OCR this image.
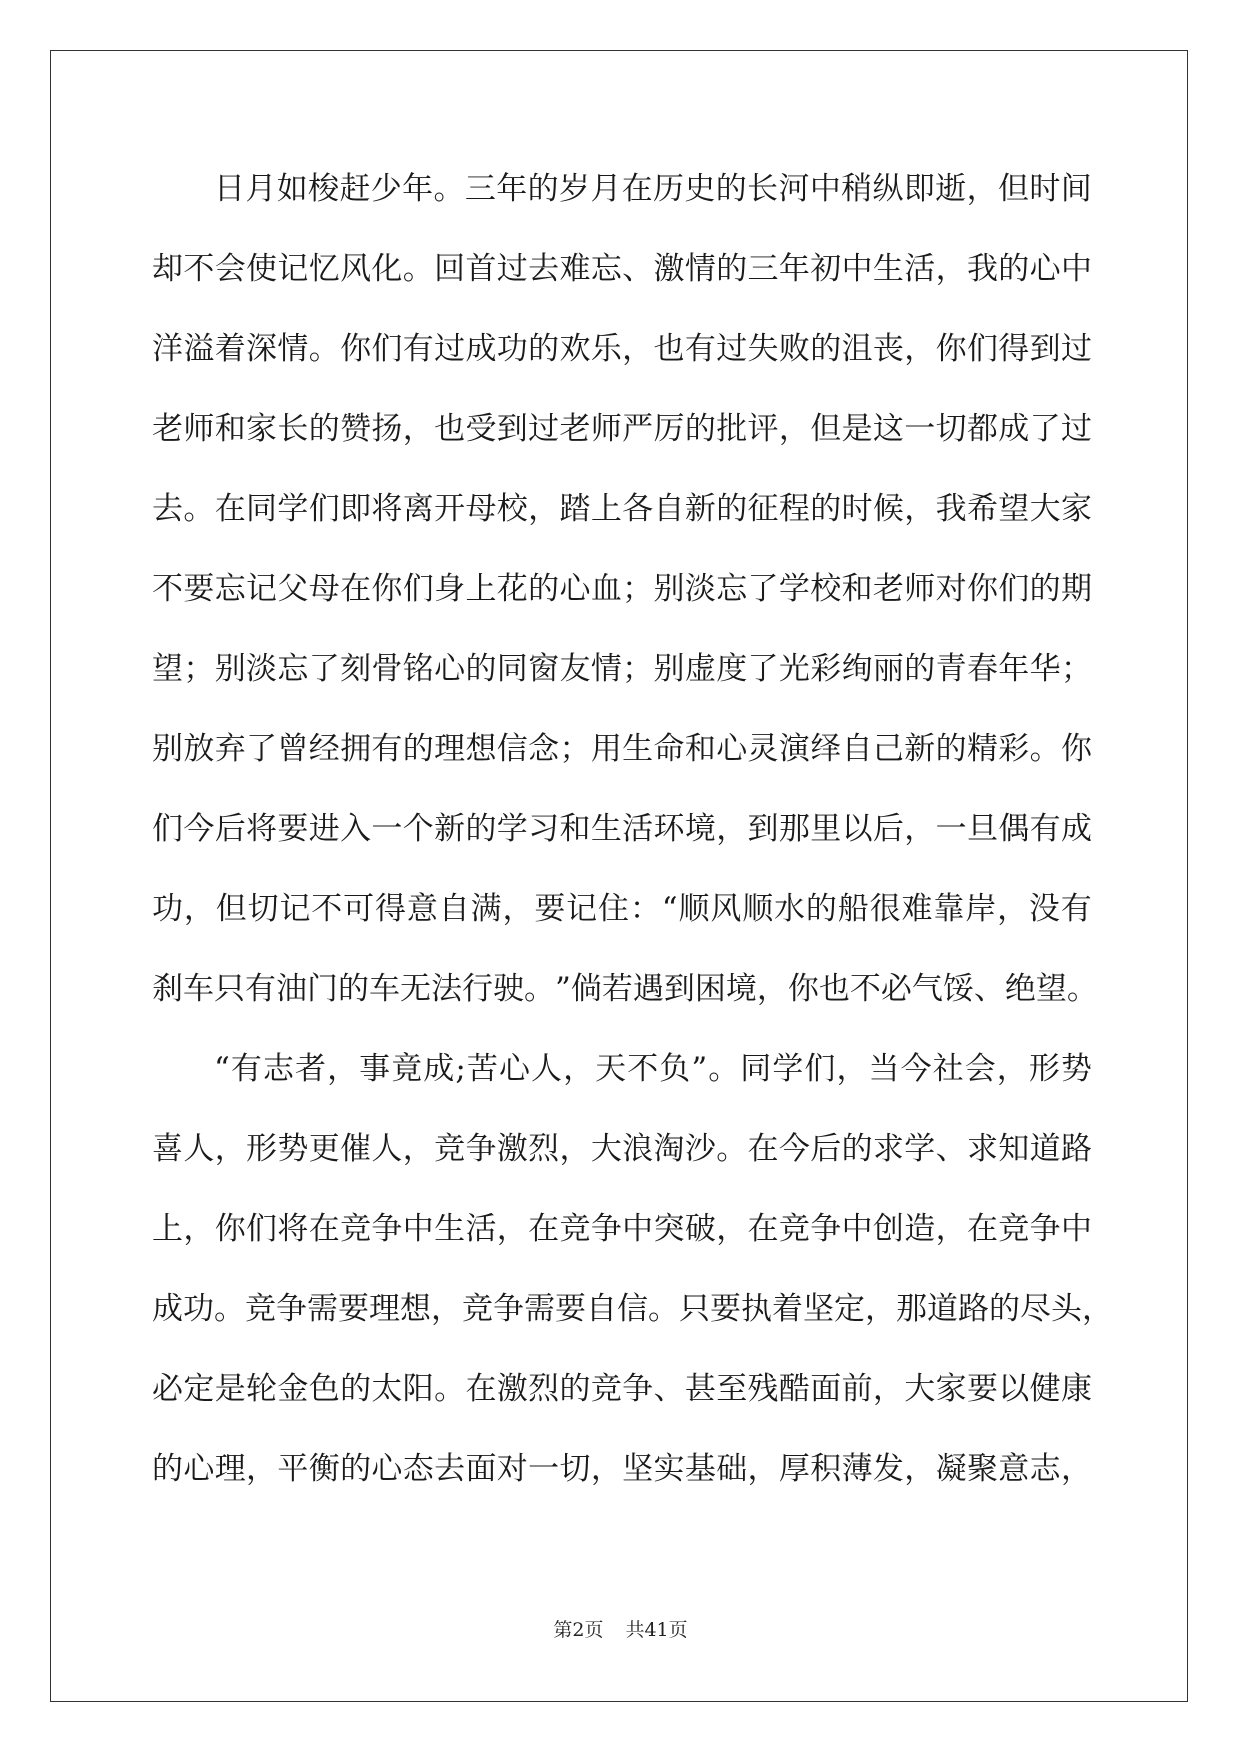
日 月 如 梭 赶 少 年 。 三 年 的 岁 月 在 历 史 的 长 河 中 稍 纵 即 逝 ， 但 时 间
却 不 会 使 记 忆 风 化 。 回 首 过 去 难 忘 、 激 情 的 三 年 初 中 生 活 ， 我 的 心 中
洋 溢 着 深 情 。 你 们 有 过 成 功 的 欢 乐 ， 也 有 过 失 败 的 沮 丧 ， 你 们 得 到 过
老 师 和 家 长 的 赞 扬 ， 也 受 到 过 老 师 严 厉 的 批 评 ， 但 是 这 一 切 都 成 了 过
去 。 在 同 学 们 即 将 离 开 母 校 ， 踏 上 各 自 新 的 征 程 的 时 候 ， 我 希 望 大 家
不 要 忘 记 父 母 在 你 们 身 上 花 的 心 血 ； 别 淡 忘 了 学 校 和 老 师 对 你 们 的 期
望 ； 别 淡 忘 了 刻 骨 铭 心 的 同 窗 友 情 ； 别 虚 度 了 光 彩 绚 丽 的 青 春 年 华 ；
别 放 弃 了 曾 经 拥 有 的 理 想 信 念 ； 用 生 命 和 心 灵 演 绎 自 己 新 的 精 彩 。 你
们 今 后 将 要 进 入 一 个 新 的 学 习 和 生 活 环 境 ， 到 那 里 以 后 ， 一 旦 偶 有 成
功 ， 但 切 记 不 可 得 意 自 满 ， 要 记 住 ： “ 顺 风 顺 水 的 船 很 难 靠 岸 ， 没 有
刹 车 只 有 油 门 的 车 无 法 行 驶 。 ” 倘 若 遇 到 困 境 ， 你 也 不 必 气 馁 、 绝 望 。
“ 有 志 者 ， 事 竟 成 ; 苦 心 人 ， 天 不 负 ” 。 同 学 们 ， 当 今 社 会 ， 形 势
喜 人 ， 形 势 更 催 人 ， 竞 争 激 烈 ， 大 浪 淘 沙 。 在 今 后 的 求 学 、 求 知 道 路
上 ， 你 们 将 在 竞 争 中 生 活 ， 在 竞 争 中 突 破 ， 在 竞 争 中 创 造 ， 在 竞 争 中
成 功 。 竞 争 需 要 理 想 ， 竞 争 需 要 自 信 。 只 要 执 着 坚 定 ， 那 道 路 的 尽 头 ，
必 定 是 轮 金 色 的 太 阳 。 在 激 烈 的 竞 争 、 甚 至 残 酷 面 前 ， 大 家 要 以 健 康
的 心 理 ， 平 衡 的 心 态 去 面 对 一 切 ， 坚 实 基 础 ， 厚 积 薄 发 ， 凝 聚 意 志 ，
第2页 共41页
